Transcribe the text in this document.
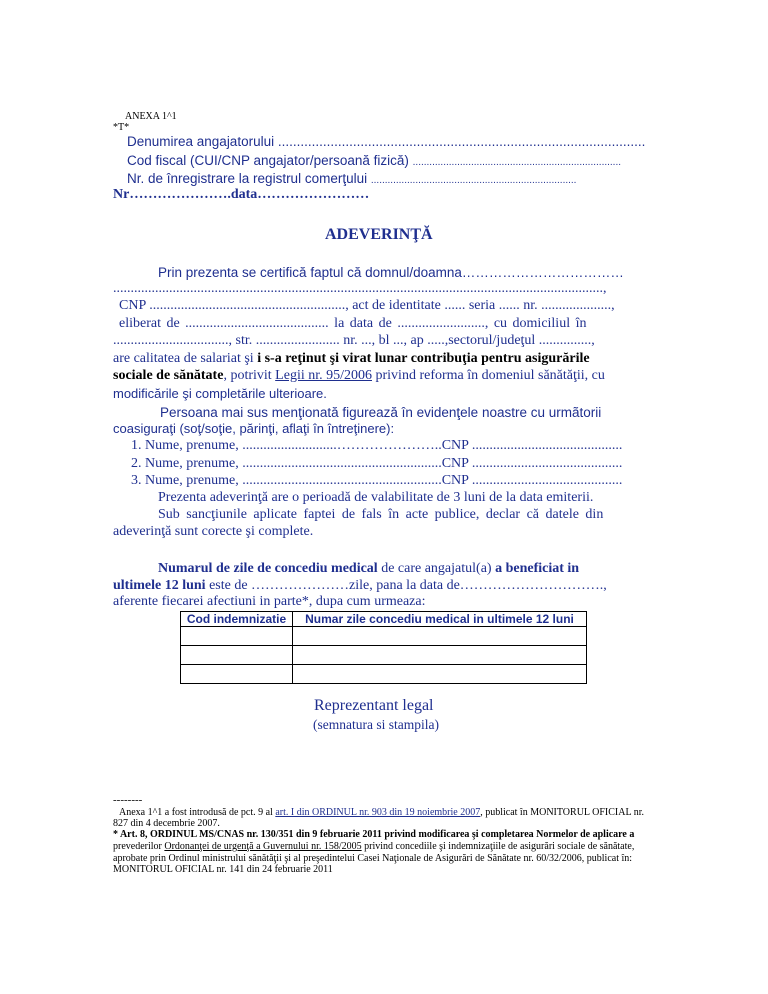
ANEXA 1^1
*T*
Denumirea angajatorului ..................................................................................................
Cod fiscal (CUI/CNP angajator/persoană fizică) ...........................................................................
Nr. de înregistrare la registrul comerţului ..........................................................................
Nr………………….data……………………
ADEVERINŢĂ
Prin prezenta se certifică faptul că domnul/doamna………………………………
............................................................................................................................................,
CNP ........................................................, act de identitate ...... seria ...... nr. ....................,
eliberat de ......................................... la data de ........................., cu domiciliul în
................................., str. ........................ nr. ..., bl ..., ap .....,sectorul/judeţul ...............,
are calitatea de salariat şi i s-a reţinut şi virat lunar contribuţia pentru asigurările
sociale de sănătate, potrivit Legii nr. 95/2006 privind reforma în domeniul sănătăţii, cu
modificările şi completările ulterioare.
Persoana mai sus menţionată figurează în evidenţele noastre cu urmãtorii
coasiguraţi (soţ/soţie, părinţi, aflaţi în întreţinere):
1. Nume, prenume, ...........................…………………..CNP ...........................................
2. Nume, prenume, .........................................................CNP ...........................................
3. Nume, prenume, .........................................................CNP ...........................................
Prezenta adeverinţă are o perioadă de valabilitate de 3 luni de la data emiterii.
Sub sancţiunile aplicate faptei de fals în acte publice, declar că datele din
adeverinţă sunt corecte şi complete.
Numarul de zile de concediu medical de care angajatul(a) a beneficiat in
ultimele 12 luni este de …………………zile, pana la data de………………………….,
aferente fiecarei afectiuni in parte*, dupa cum urmeaza:
Cod indemnizatie	Numar zile concediu medical in ultimele 12 luni

Reprezentant legal
(semnatura si stampila)
--------
Anexa 1^1 a fost introdusă de pct. 9 al art. I din ORDINUL nr. 903 din 19 noiembrie 2007, publicat în MONITORUL OFICIAL nr.
827 din 4 decembrie 2007.
* Art. 8, ORDINUL MS/CNAS nr. 130/351 din 9 februarie 2011 privind modificarea şi completarea Normelor de aplicare a
prevederilor Ordonanţei de urgenţă a Guvernului nr. 158/2005 privind concediile şi indemnizaţiile de asigurări sociale de sănătate,
aprobate prin Ordinul ministrului sănătăţii şi al preşedintelui Casei Naţionale de Asigurări de Sănătate nr. 60/32/2006, publicat în:
MONITORUL OFICIAL nr. 141 din 24 februarie 2011
